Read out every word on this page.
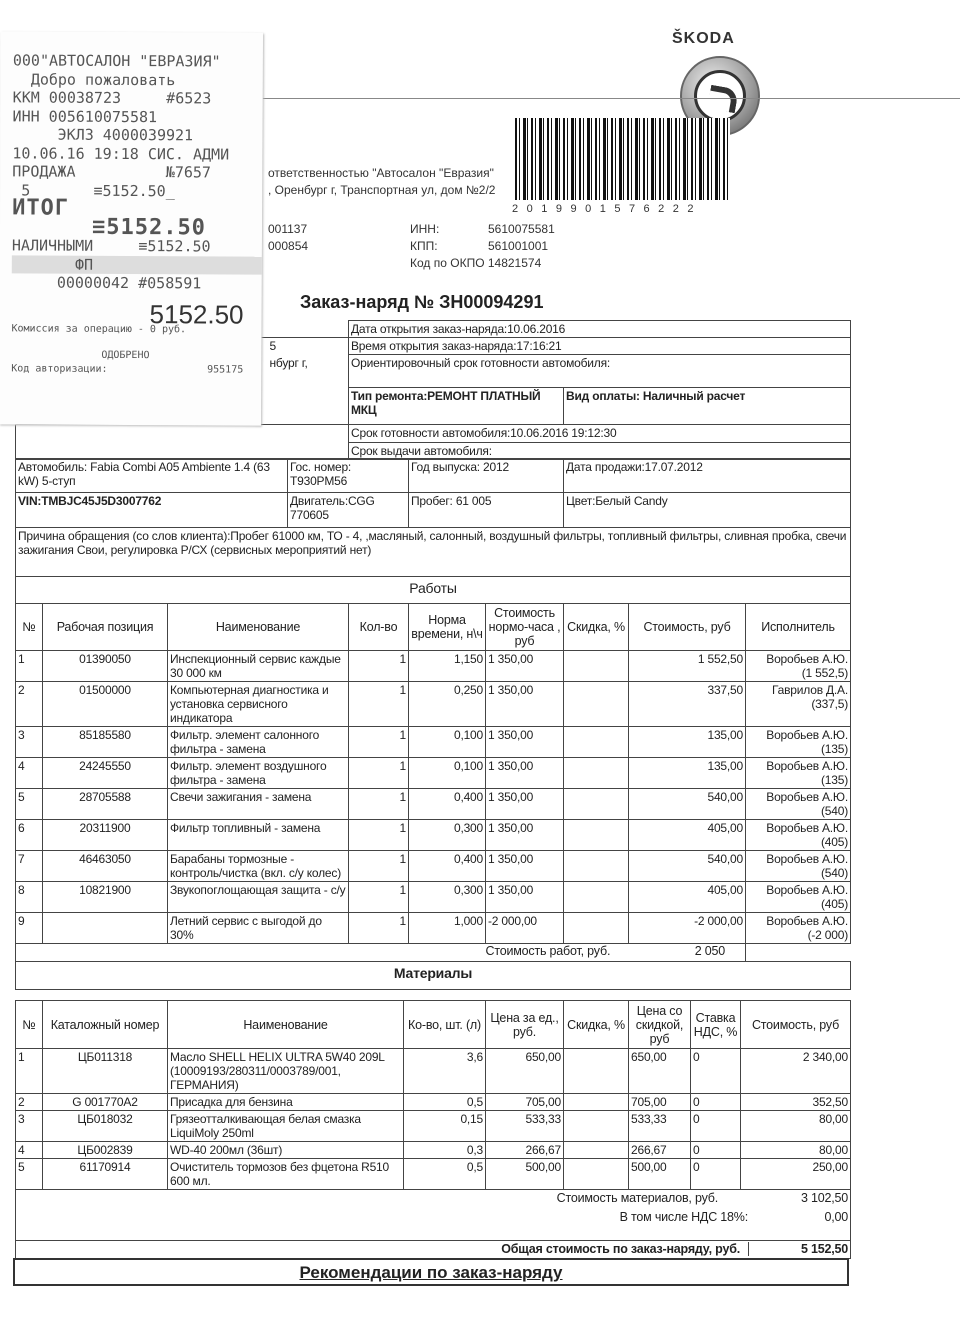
ŠKODA
2019901576222
ответственностью "Автосалон "Евразия"
, Оренбург г, Транспортная ул, дом №2/2
001137
000854
ИНН:	5610075581
КПП:	561001001
Код по ОКПО 14821574
Заказ-наряд № ЗН00094291
	Дата открытия заказ-наряда:10.06.2016	
5	Время открытия заказ-наряда:17:16:21	
нбург г,	Ориентировочный срок готовности автомобиля:	
	Тип ремонта:РЕМОНТ ПЛАТНЫЙ МКЦ	Вид оплаты: Наличный расчет
	Срок готовности автомобиля:10.06.2016 19:12:30	
	Срок выдачи автомобиля:	
Автомобиль: Fabia Combi A05 Ambiente 1.4 (63 kW) 5-ступ	Гос. номер: T930PM56	Год выпуска: 2012	Дата продажи:17.07.2012
VIN:TMBJC45J5D3007762	Двигатель:CGG 770605	Пробег: 61 005	Цвет:Белый Candy
Причина обращения (со слов клиента):Пробег 61000 км, ТО - 4, ,масляный, салонный, воздушный фильтры, топливный фильтры, сливная пробка, свечи зажигания Свои, регулировка Р/СХ (сервисных мероприятий нет)			
Работы			
№	Рабочая позиция	Наименование	Кол-во	Норма времени, н\ч	Стоимость нормо-часа , руб	Скидка, %	Стоимость, руб	Исполнитель
1	01390050	Инспекционный сервис каждые 30 000 км	1	1,150	1 350,00		1 552,50	Воробьев А.Ю.
(1 552,5)

2	01500000	Компьютерная диагностика и установка сервисного индикатора	1	0,250	1 350,00		337,50	Гаврилов Д.А.
(337,5)

3	85185580	Фильтр. элемент салонного фильтра - замена	1	0,100	1 350,00		135,00	Воробьев А.Ю.
(135)

4	24245550	Фильтр. элемент воздушного фильтра - замена	1	0,100	1 350,00		135,00	Воробьев А.Ю.
(135)

5	28705588	Свечи зажигания - замена	1	0,400	1 350,00		540,00	Воробьев А.Ю.
(540)

6	20311900	Фильтр топливный - замена	1	0,300	1 350,00		405,00	Воробьев А.Ю.
(405)

7	46463050	Барабаны тормозные - контроль/чистка (вкл. с/у колес)	1	0,400	1 350,00		540,00	Воробьев А.Ю.
(540)

8	10821900	Звукопоглощающая защита - с/у	1	0,300	1 350,00		405,00	Воробьев А.Ю.
(405)

9		Летний сервис с выгодой до 30%	1	1,000	-2 000,00		-2 000,00	Воробьев А.Ю.
(-2 000)

					Стоимость работ, руб. 2 050			

Материалы								
№	Каталожный номер	Наименование	Ко-во, шт. (л)	Цена за ед., руб.	Скидка, %	Цена со скидкой, руб	Ставка НДС, %	Стоимость, руб
1	ЦБ011318	Масло SHELL HELIX ULTRA 5W40 209L (10009193/280311/0003789/001, ГЕРМАНИЯ)	3,6	650,00		650,00	0	2 340,00
2	G 001770A2	Присадка для бензина	0,5	705,00		705,00	0	352,50
3	ЦБ018032	Грязеотталкивающая белая смазка LiquiMoly 250ml	0,15	533,33		533,33	0	80,00
4	ЦБ002839	WD-40 200мл (36шт)	0,3	266,67		266,67	0	80,00
5	61170914	Очиститель тормозов без фцетона R510 600 мл.	0,5	500,00		500,00	0	250,00
Стоимость материалов, руб. 3 102,50								
В том числе НДС 18%: 0,00								

Общая стоимость по заказ-наряду, руб. 5 152,50								
Рекомендации по заказ-наряду
000"АВТОСАЛОН "ЕВРАЗИЯ"
Добро пожаловать
ККМ 00038723     #6523
ИНН 005610075581
ЭКЛЗ 4000039921
10.06.16 19:18 СИС. АДМИ
ПРОДАЖА          №7657
5       ≡5152.50_
ИТОГ
≡5152.50
НАЛИЧНЫМИ     ≡5152.50
ФП
00000042 #058591
5152.50
Комиссия за операцию - 0 руб.
ОДОБРЕНО
Код авторизации:	955175
